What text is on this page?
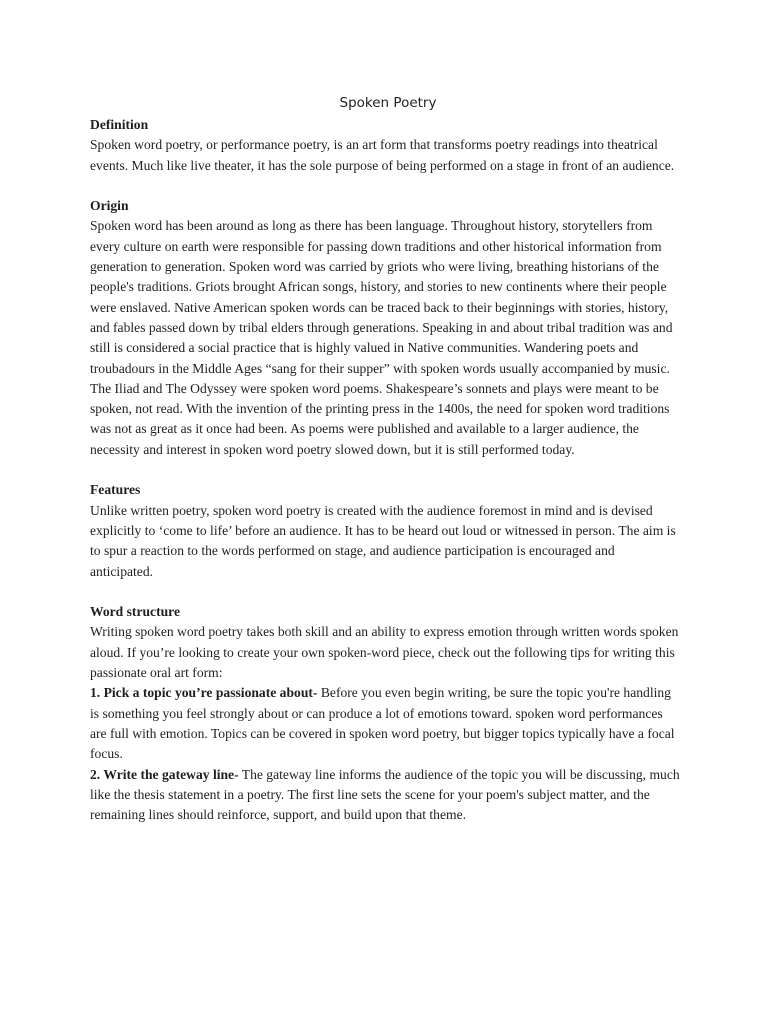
Spoken Poetry

Definition

Spoken word poetry, or performance poetry, is an art form that transforms poetry readings into theatrical events. Much like live theater, it has the sole purpose of being performed on a stage in front of an audience.

Origin

Spoken word has been around as long as there has been language. Throughout history, storytellers from every culture on earth were responsible for passing down traditions and other historical information from generation to generation. Spoken word was carried by griots who were living, breathing historians of the people's traditions. Griots brought African songs, history, and stories to new continents where their people were enslaved. Native American spoken words can be traced back to their beginnings with stories, history, and fables passed down by tribal elders through generations. Speaking in and about tribal tradition was and still is considered a social practice that is highly valued in Native communities. Wandering poets and troubadours in the Middle Ages “sang for their supper” with spoken words usually accompanied by music. The Iliad and The Odyssey were spoken word poems. Shakespeare’s sonnets and plays were meant to be spoken, not read. With the invention of the printing press in the 1400s, the need for spoken word traditions was not as great as it once had been. As poems were published and available to a larger audience, the necessity and interest in spoken word poetry slowed down, but it is still performed today.

Features

Unlike written poetry, spoken word poetry is created with the audience foremost in mind and is devised explicitly to ‘come to life’ before an audience. It has to be heard out loud or witnessed in person. The aim is to spur a reaction to the words performed on stage, and audience participation is encouraged and anticipated.

Word structure

Writing spoken word poetry takes both skill and an ability to express emotion through written words spoken aloud. If you’re looking to create your own spoken-word piece, check out the following tips for writing this passionate oral art form:

1. Pick a topic you’re passionate about- Before you even begin writing, be sure the topic you're handling is something you feel strongly about or can produce a lot of emotions toward. spoken word performances are full with emotion. Topics can be covered in spoken word poetry, but bigger topics typically have a focal focus.

2. Write the gateway line- The gateway line informs the audience of the topic you will be discussing, much like the thesis statement in a poetry. The first line sets the scene for your poem's subject matter, and the remaining lines should reinforce, support, and build upon that theme.
